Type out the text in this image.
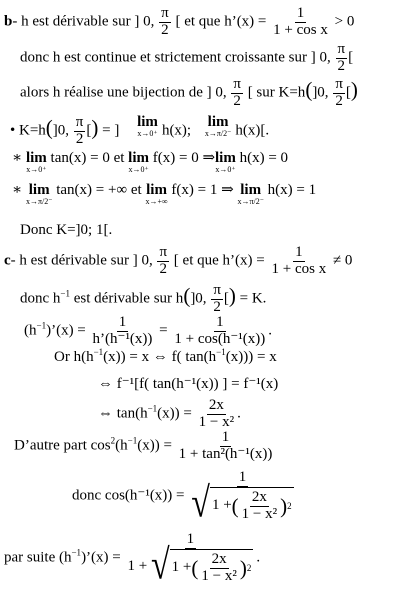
b- h est dérivable sur ] 0, $\frac{\pi}{2}$ [ et que h’(x) = $\frac{1}{\text{1 + cos x}} > 0$
donc h est continue et strictement croissante sur ] 0, $\frac{\pi}{2}$ [
alors h réalise une bijection de ] 0, $\frac{\pi}{2}$ [ sur K=h(]0, $\frac{\pi}{2}$ [)
• K=h(]0, $\frac{\pi}{2}$ [) = ]
lim
x→0⁺ h(x);
lim
x→π/2⁻ h(x)[.
∗ lim
x→0⁺
tan(x) = 0 et lim
x→0⁺
f(x) = 0 ⇒ lim
x→0⁺
h(x) = 0
∗ lim
x→π/2⁻
tan(x) = +∞ et lim
x→+∞
f(x) = 1 ⇒ lim
x→π/2⁻
h(x) = 1
Donc K=]0; 1[.
c- h est dérivable sur ] 0, $\frac{\pi}{2}$ [ et que h’(x) = $\frac{1}{\text{1 + cos x}} \ne 0$
donc $h^{-1}$ est dérivable sur h(]0, $\frac{\pi}{2}$ [) = K.
$(h^{-1})’(x) = \frac{1}{\text{h’(h⁻¹(x))}} = \frac{1}{\text{1 + cos(h⁻¹(x))}}$ .
Or $h(h^{-1}(x)) = x$ ⇔ f( $\tan(h^{-1}(x))) = x$
⇔ f⁻¹[f( tan(h⁻¹(x)) ] = f⁻¹(x)
⇔ $\tan(h^{-1}(x)) = \frac{2x}{\text{1 − x²}}$ .
D’autre part $\cos^2(h^{-1}(x)) = \frac{1}{\text{1 + tan²(h⁻¹(x))}}$
donc cos(h⁻¹(x)) = 1
√ 1 + ( 2x
1 − x² ) 2
par suite $(h^{-1})’(x) = 1$
1 + √ 1 + ( 2x
1 − x² ) 2 .
